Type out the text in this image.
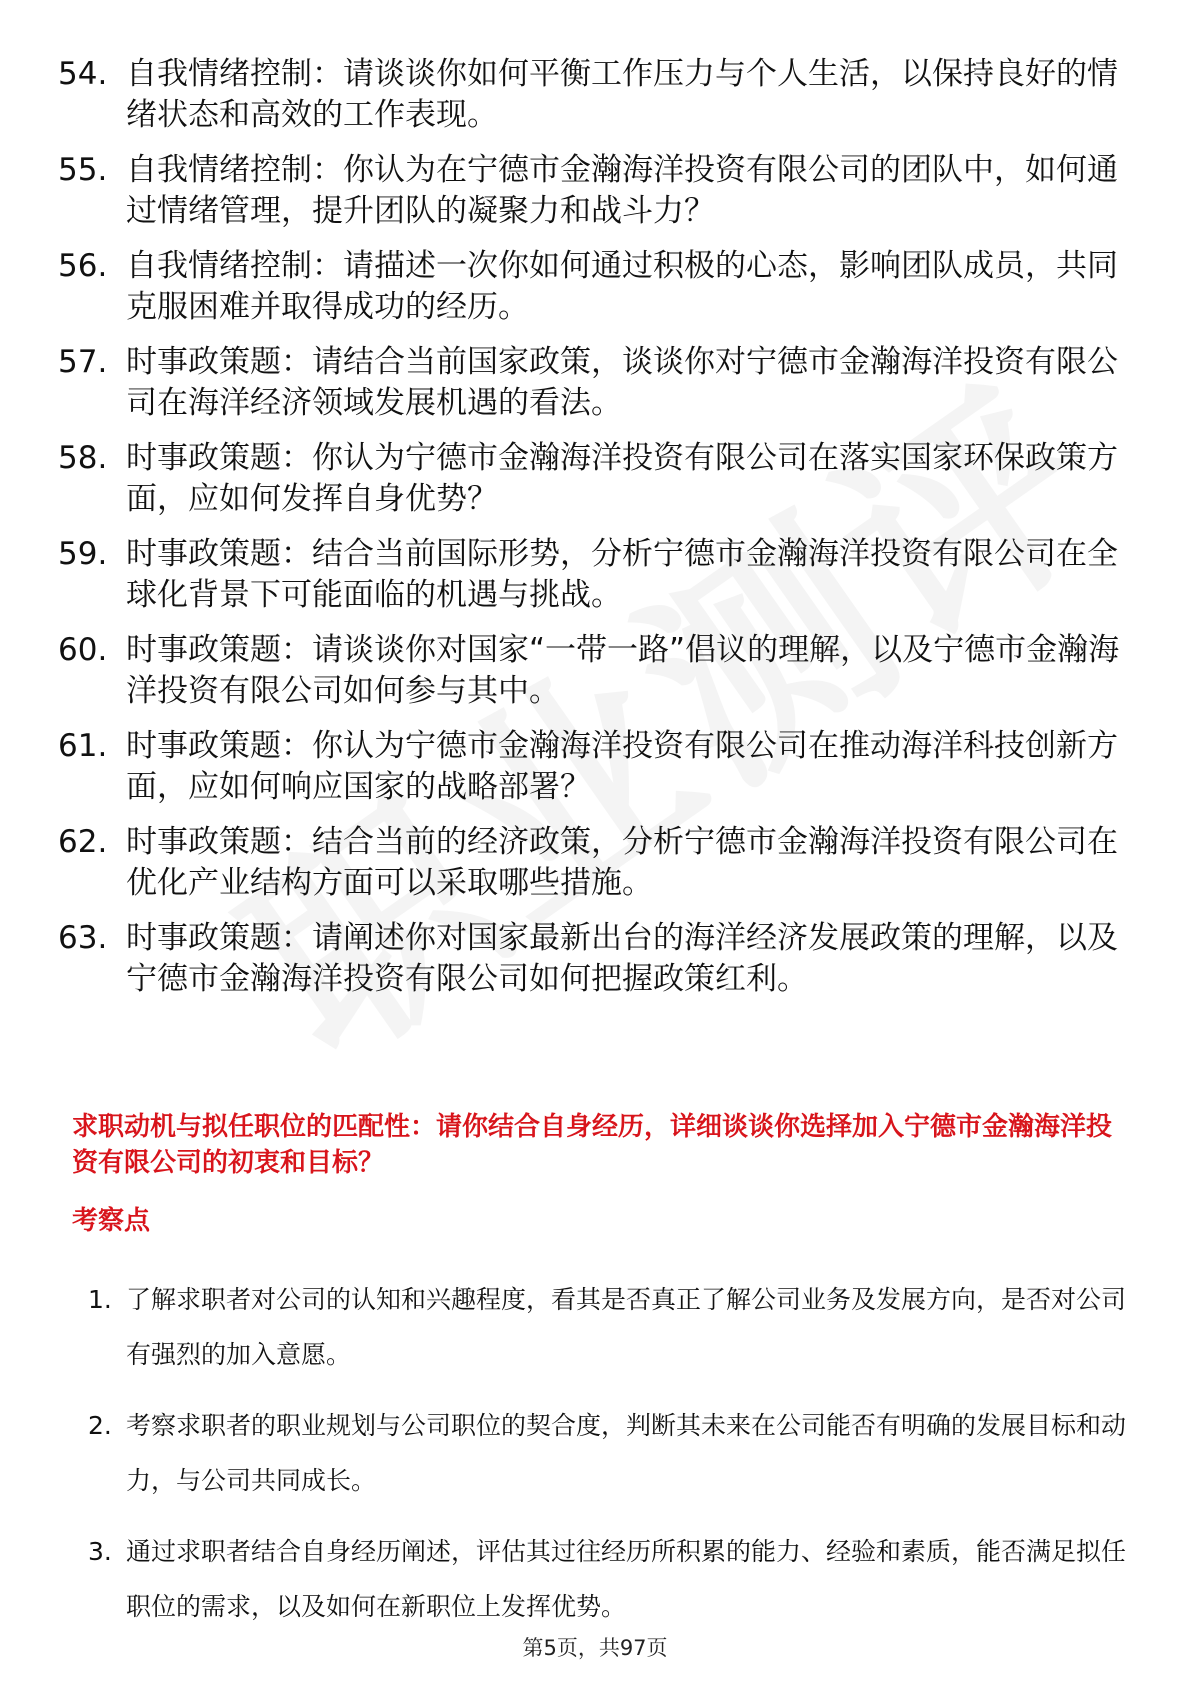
54. 自我情绪控制：请谈谈你如何平衡工作压力与个人生活，以保持良好的情绪状态和高效的工作表现。
55. 自我情绪控制：你认为在宁德市金瀚海洋投资有限公司的团队中，如何通过情绪管理，提升团队的凝聚力和战斗力？
56. 自我情绪控制：请描述一次你如何通过积极的心态，影响团队成员，共同克服困难并取得成功的经历。
57. 时事政策题：请结合当前国家政策，谈谈你对宁德市金瀚海洋投资有限公司在海洋经济领域发展机遇的看法。
58. 时事政策题：你认为宁德市金瀚海洋投资有限公司在落实国家环保政策方面，应如何发挥自身优势？
59. 时事政策题：结合当前国际形势，分析宁德市金瀚海洋投资有限公司在全球化背景下可能面临的机遇与挑战。
60. 时事政策题：请谈谈你对国家“一带一路”倡议的理解，以及宁德市金瀚海洋投资有限公司如何参与其中。
61. 时事政策题：你认为宁德市金瀚海洋投资有限公司在推动海洋科技创新方面，应如何响应国家的战略部署？
62. 时事政策题：结合当前的经济政策，分析宁德市金瀚海洋投资有限公司在优化产业结构方面可以采取哪些措施。
63. 时事政策题：请阐述你对国家最新出台的海洋经济发展政策的理解，以及宁德市金瀚海洋投资有限公司如何把握政策红利。
求职动机与拟任职位的匹配性：请你结合自身经历，详细谈谈你选择加入宁德市金瀚海洋投资有限公司的初衷和目标？
考察点
1. 了解求职者对公司的认知和兴趣程度，看其是否真正了解公司业务及发展方向，是否对公司有强烈的加入意愿。
2. 考察求职者的职业规划与公司职位的契合度，判断其未来在公司能否有明确的发展目标和动力，与公司共同成长。
3. 通过求职者结合自身经历阐述，评估其过往经历所积累的能力、经验和素质，能否满足拟任职位的需求，以及如何在新职位上发挥优势。
第5页，共97页
